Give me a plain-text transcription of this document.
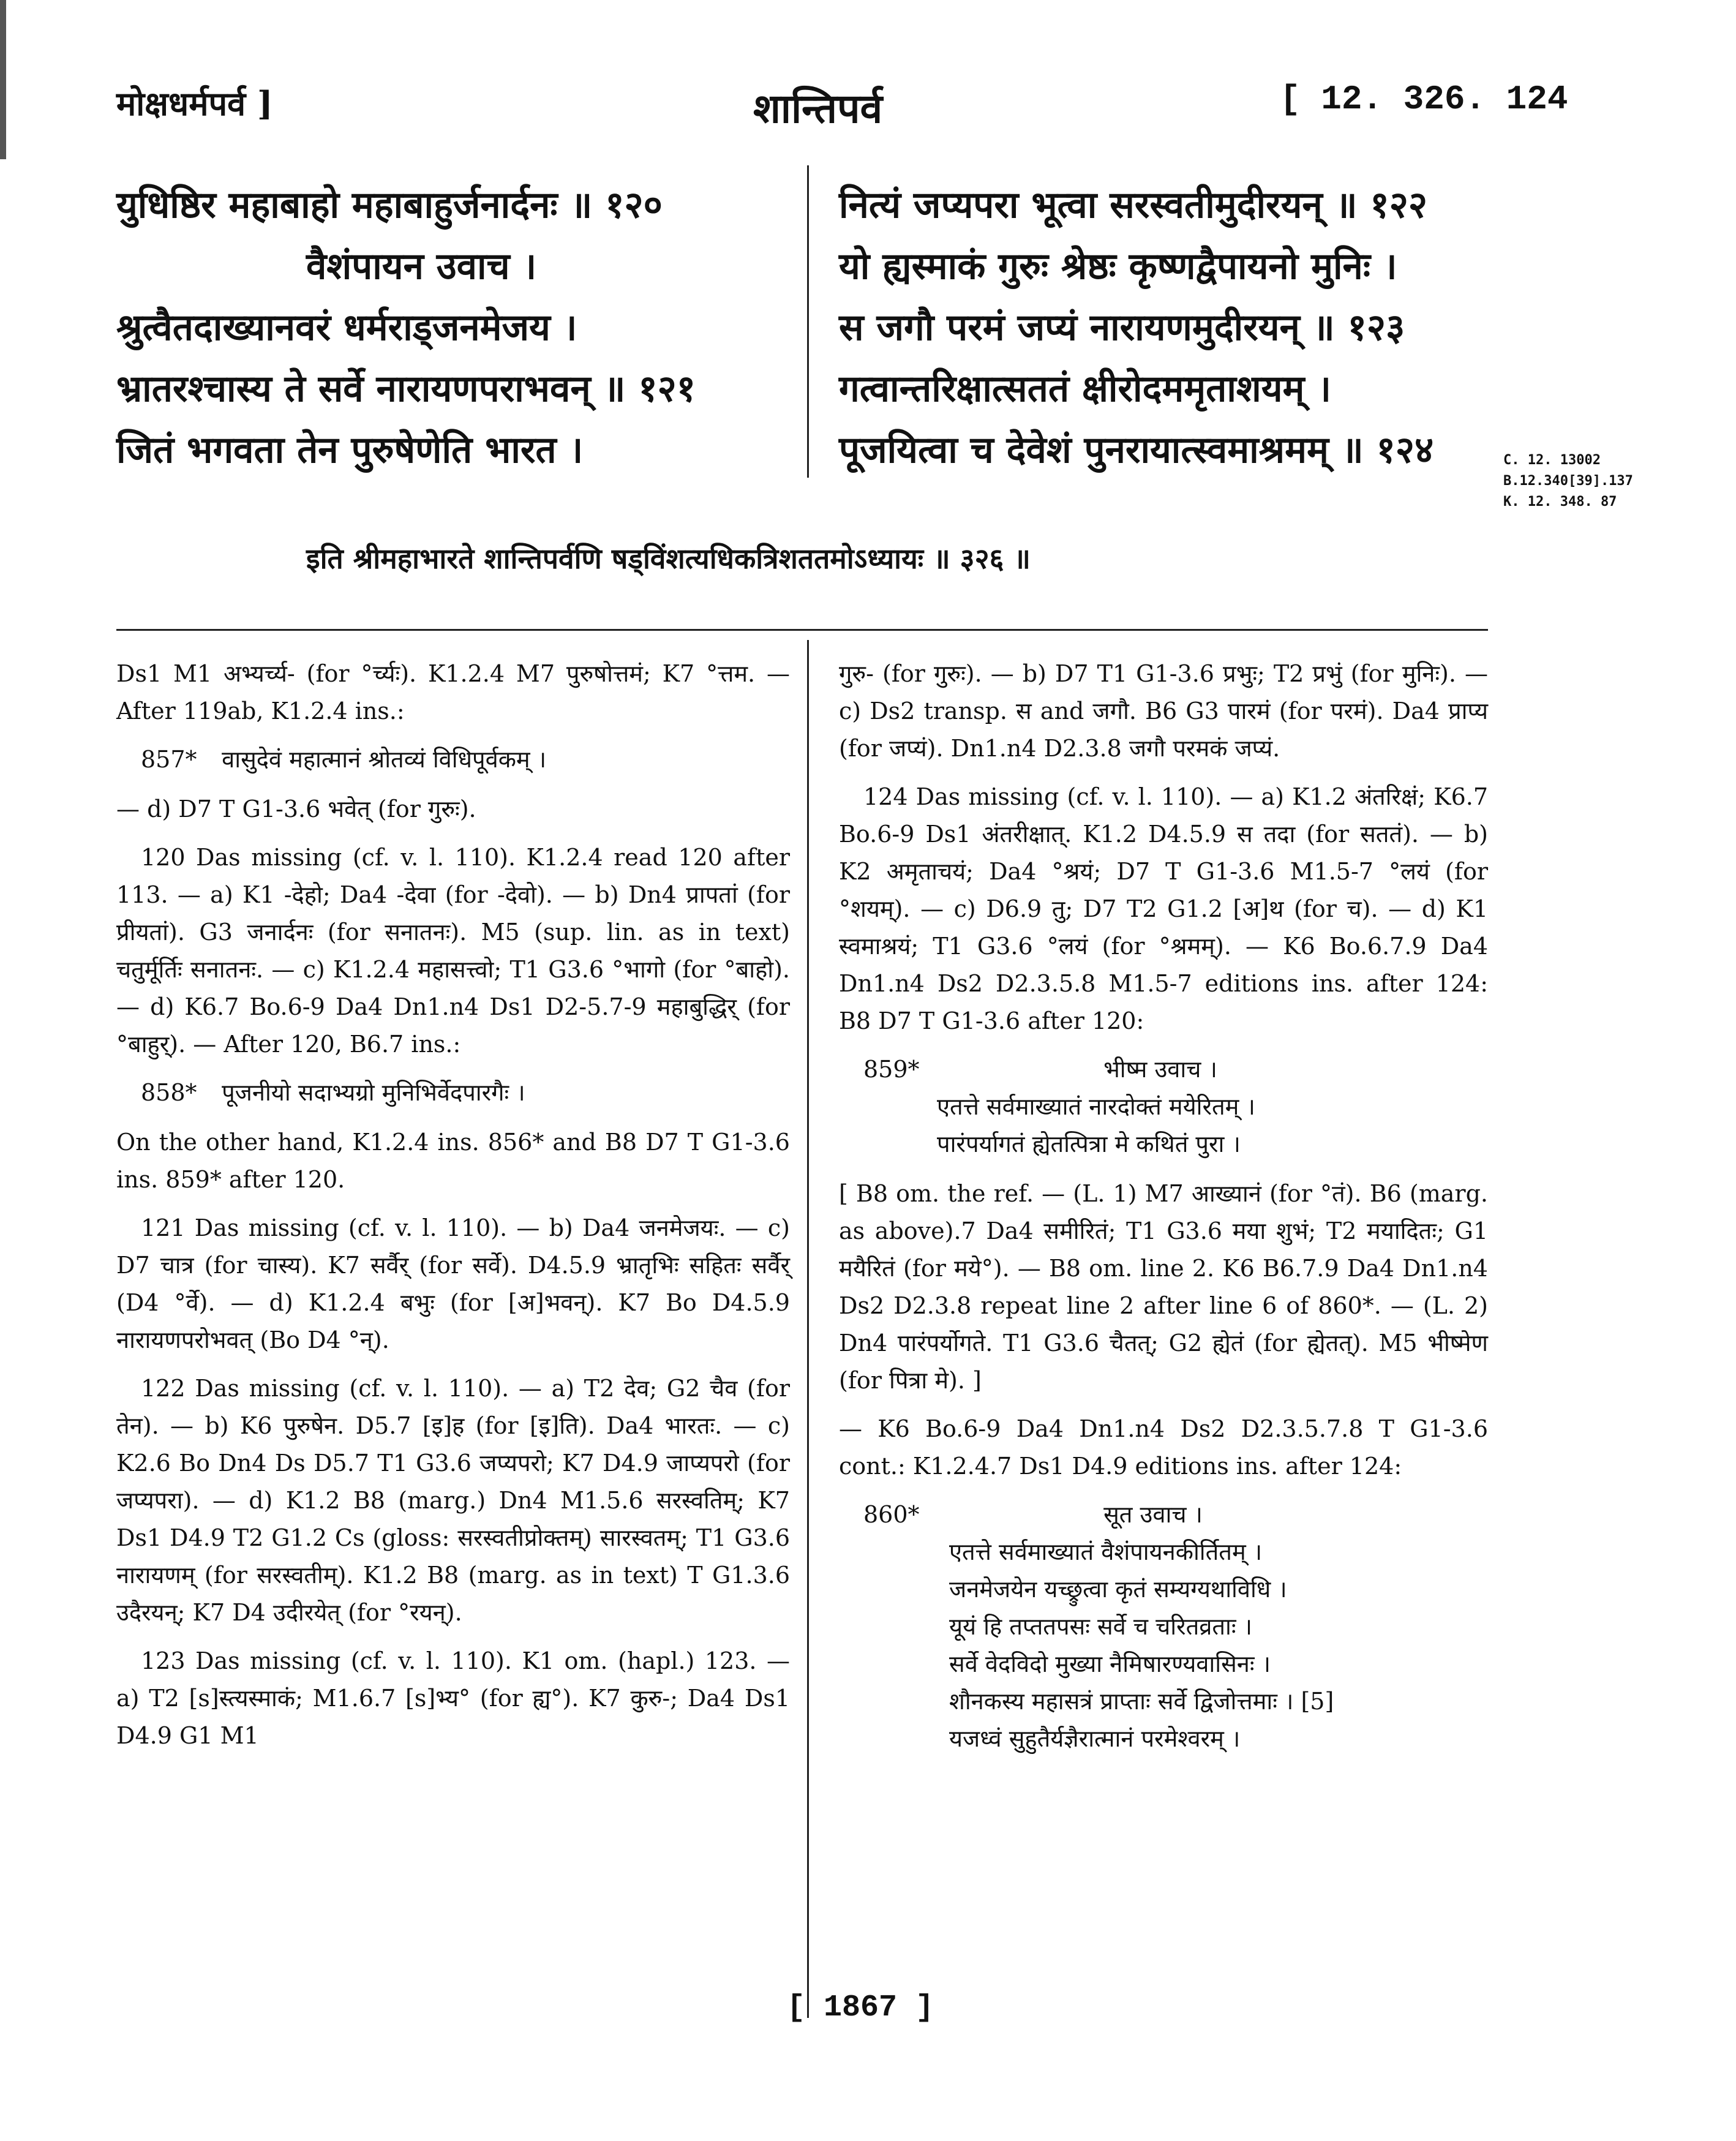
मोक्षधर्मपर्व ]	शान्तिपर्व	[ 12. 326. 124
युधिष्ठिर महाबाहो महाबाहुर्जनार्दनः ॥ १२०
वैशंपायन उवाच ।
श्रुत्वैतदाख्यानवरं धर्मराड्जनमेजय ।
भ्रातरश्चास्य ते सर्वे नारायणपराभवन् ॥ १२१
जितं भगवता तेन पुरुषेणेति भारत ।
नित्यं जप्यपरा भूत्वा सरस्वतीमुदीरयन् ॥ १२२
यो ह्यस्माकं गुरुः श्रेष्ठः कृष्णद्वैपायनो मुनिः ।
स जगौ परमं जप्यं नारायणमुदीरयन् ॥ १२३
गत्वान्तरिक्षात्सततं क्षीरोदममृताशयम् ।
पूजयित्वा च देवेशं पुनरायात्स्वमाश्रमम् ॥ १२४	C. 12. 13002
B.12.340[39].137
K. 12. 348. 87
इति श्रीमहाभारते शान्तिपर्वणि षड्विंशत्यधिकत्रिशततमोऽध्यायः ॥ ३२६ ॥

Ds1 M1 अभ्यर्च्य- (for °र्च्यः). K1.2.4 M7 पुरुषोत्तमं; K7 °त्तम. — After 119ab, K1.2.4 ins.:

857* वासुदेवं महात्मानं श्रोतव्यं विधिपूर्वकम् ।

— d) D7 T G1-3.6 भवेत् (for गुरुः).

120 Das missing (cf. v. l. 110). K1.2.4 read 120 after 113. — a) K1 -देहो; Da4 -देवा (for -देवो). — b) Dn4 प्रापतां (for प्रीयतां). G3 जनार्दनः (for सनातनः). M5 (sup. lin. as in text) चतुर्मूर्तिः सनातनः. — c) K1.2.4 महासत्त्वो; T1 G3.6 °भागो (for °बाहो). — d) K6.7 Bo.6-9 Da4 Dn1.n4 Ds1 D2-5.7-9 महाबुद्धिर् (for °बाहुर्). — After 120, B6.7 ins.:

858* पूजनीयो सदाभ्यग्रो मुनिभिर्वेदपारगैः ।

On the other hand, K1.2.4 ins. 856* and B8 D7 T G1-3.6 ins. 859* after 120.

121 Das missing (cf. v. l. 110). — b) Da4 जनमेजयः. — c) D7 चात्र (for चास्य). K7 सर्वैर् (for सर्वे). D4.5.9 भ्रातृभिः सहितः सर्वैर् (D4 °र्वे). — d) K1.2.4 बभुः (for [अ]भवन्). K7 Bo D4.5.9 नारायणपरोभवत् (Bo D4 °न्).

122 Das missing (cf. v. l. 110). — a) T2 देव; G2 चैव (for तेन). — b) K6 पुरुषेन. D5.7 [इ]ह (for [इ]ति). Da4 भारतः. — c) K2.6 Bo Dn4 Ds D5.7 T1 G3.6 जप्यपरो; K7 D4.9 जाप्यपरो (for जप्यपरा). — d) K1.2 B8 (marg.) Dn4 M1.5.6 सरस्वतिम्; K7 Ds1 D4.9 T2 G1.2 Cs (gloss: सरस्वतीप्रोक्तम्) सारस्वतम्; T1 G3.6 नारायणम् (for सरस्वतीम्). K1.2 B8 (marg. as in text) T G1.3.6 उदैरयन्; K7 D4 उदीरयेत् (for °रयन्).

123 Das missing (cf. v. l. 110). K1 om. (hapl.) 123. — a) T2 [s]स्त्यस्माकं; M1.6.7 [s]भ्य° (for ह्य°). K7 कुरु-; Da4 Ds1 D4.9 G1 M1

गुरु- (for गुरुः). — b) D7 T1 G1-3.6 प्रभुः; T2 प्रभुं (for मुनिः). — c) Ds2 transp. स and जगौ. B6 G3 पारमं (for परमं). Da4 प्राप्य (for जप्यं). Dn1.n4 D2.3.8 जगौ परमकं जप्यं.

124 Das missing (cf. v. l. 110). — a) K1.2 अंतरिक्षं; K6.7 Bo.6-9 Ds1 अंतरीक्षात्. K1.2 D4.5.9 स तदा (for सततं). — b) K2 अमृताचयं; Da4 °श्रयं; D7 T G1-3.6 M1.5-7 °लयं (for °शयम्). — c) D6.9 तु; D7 T2 G1.2 [अ]थ (for च). — d) K1 स्वमाश्रयं; T1 G3.6 °लयं (for °श्रमम्). — K6 Bo.6.7.9 Da4 Dn1.n4 Ds2 D2.3.5.8 M1.5-7 editions ins. after 124: B8 D7 T G1-3.6 after 120:

859*	भीष्म उवाच ।
एतत्ते सर्वमाख्यातं नारदोक्तं मयेरितम् ।
पारंपर्यागतं ह्येतत्पित्रा मे कथितं पुरा ।

[ B8 om. the ref. — (L. 1) M7 आख्यानं (for °तं). B6 (marg. as above).7 Da4 समीरितं; T1 G3.6 मया शुभं; T2 मयादितः; G1 मयैरितं (for मये°). — B8 om. line 2. K6 B6.7.9 Da4 Dn1.n4 Ds2 D2.3.8 repeat line 2 after line 6 of 860*. — (L. 2) Dn4 पारंपर्योगते. T1 G3.6 चैतत्; G2 ह्येतं (for ह्येतत्). M5 भीष्मेण (for पित्रा मे). ]

— K6 Bo.6-9 Da4 Dn1.n4 Ds2 D2.3.5.7.8 T G1-3.6 cont.: K1.2.4.7 Ds1 D4.9 editions ins. after 124:

860*	सूत उवाच ।
एतत्ते सर्वमाख्यातं वैशंपायनकीर्तितम् ।
जनमेजयेन यच्छ्रुत्वा कृतं सम्यग्यथाविधि ।
यूयं हि तप्ततपसः सर्वे च चरितव्रताः ।
सर्वे वेदविदो मुख्या नैमिषारण्यवासिनः ।
शौनकस्य महासत्रं प्राप्ताः सर्वे द्विजोत्तमाः । [5]
यजध्वं सुहुतैर्यज्ञैरात्मानं परमेश्वरम् ।
[ 1867 ]
